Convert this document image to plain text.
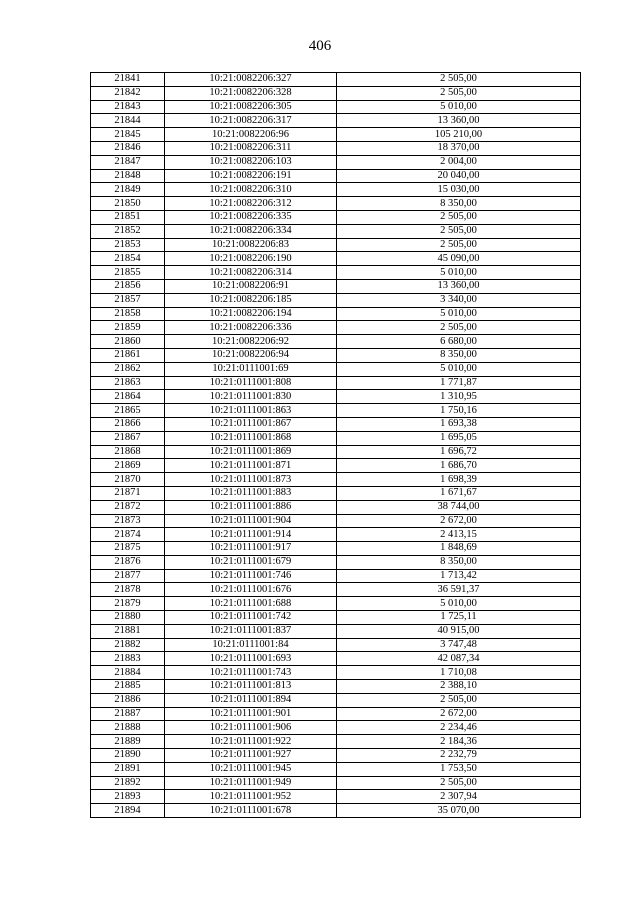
406
21841	10:21:0082206:327	2 505,00
21842	10:21:0082206:328	2 505,00
21843	10:21:0082206:305	5 010,00
21844	10:21:0082206:317	13 360,00
21845	10:21:0082206:96	105 210,00
21846	10:21:0082206:311	18 370,00
21847	10:21:0082206:103	2 004,00
21848	10:21:0082206:191	20 040,00
21849	10:21:0082206:310	15 030,00
21850	10:21:0082206:312	8 350,00
21851	10:21:0082206:335	2 505,00
21852	10:21:0082206:334	2 505,00
21853	10:21:0082206:83	2 505,00
21854	10:21:0082206:190	45 090,00
21855	10:21:0082206:314	5 010,00
21856	10:21:0082206:91	13 360,00
21857	10:21:0082206:185	3 340,00
21858	10:21:0082206:194	5 010,00
21859	10:21:0082206:336	2 505,00
21860	10:21:0082206:92	6 680,00
21861	10:21:0082206:94	8 350,00
21862	10:21:0111001:69	5 010,00
21863	10:21:0111001:808	1 771,87
21864	10:21:0111001:830	1 310,95
21865	10:21:0111001:863	1 750,16
21866	10:21:0111001:867	1 693,38
21867	10:21:0111001:868	1 695,05
21868	10:21:0111001:869	1 696,72
21869	10:21:0111001:871	1 686,70
21870	10:21:0111001:873	1 698,39
21871	10:21:0111001:883	1 671,67
21872	10:21:0111001:886	38 744,00
21873	10:21:0111001:904	2 672,00
21874	10:21:0111001:914	2 413,15
21875	10:21:0111001:917	1 848,69
21876	10:21:0111001:679	8 350,00
21877	10:21:0111001:746	1 713,42
21878	10:21:0111001:676	36 591,37
21879	10:21:0111001:688	5 010,00
21880	10:21:0111001:742	1 725,11
21881	10:21:0111001:837	40 915,00
21882	10:21:0111001:84	3 747,48
21883	10:21:0111001:693	42 087,34
21884	10:21:0111001:743	1 710,08
21885	10:21:0111001:813	2 388,10
21886	10:21:0111001:894	2 505,00
21887	10:21:0111001:901	2 672,00
21888	10:21:0111001:906	2 234,46
21889	10:21:0111001:922	2 184,36
21890	10:21:0111001:927	2 232,79
21891	10:21:0111001:945	1 753,50
21892	10:21:0111001:949	2 505,00
21893	10:21:0111001:952	2 307,94
21894	10:21:0111001:678	35 070,00
